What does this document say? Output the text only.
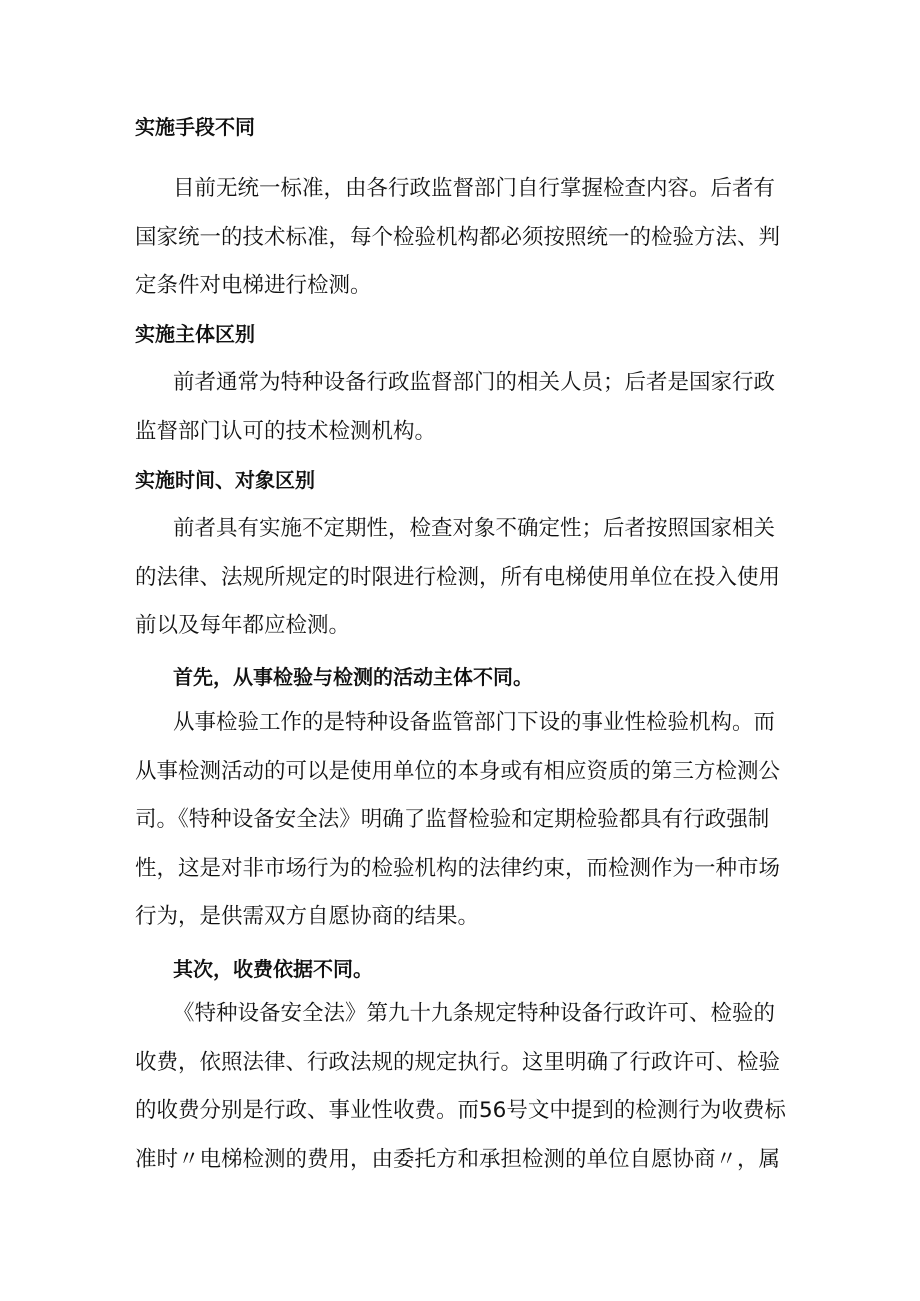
实施手段不同
目前无统一标准，由各行政监督部门自行掌握检查内容。后者有
国家统一的技术标准，每个检验机构都必须按照统一的检验方法、判
定条件对电梯进行检测。
实施主体区别
前者通常为特种设备行政监督部门的相关人员；后者是国家行政
监督部门认可的技术检测机构。
实施时间、对象区别
前者具有实施不定期性，检查对象不确定性；后者按照国家相关
的法律、法规所规定的时限进行检测，所有电梯使用单位在投入使用
前以及每年都应检测。
首先，从事检验与检测的活动主体不同。
从事检验工作的是特种设备监管部门下设的事业性检验机构。而
从事检测活动的可以是使用单位的本身或有相应资质的第三方检测公
司。《特种设备安全法》明确了监督检验和定期检验都具有行政强制
性，这是对非市场行为的检验机构的法律约束，而检测作为一种市场
行为，是供需双方自愿协商的结果。
其次，收费依据不同。
《特种设备安全法》第九十九条规定特种设备行政许可、检验的
收费，依照法律、行政法规的规定执行。这里明确了行政许可、检验
的收费分别是行政、事业性收费。而56号文中提到的检测行为收费标
准时〃电梯检测的费用，由委托方和承担检测的单位自愿协商〃，属
